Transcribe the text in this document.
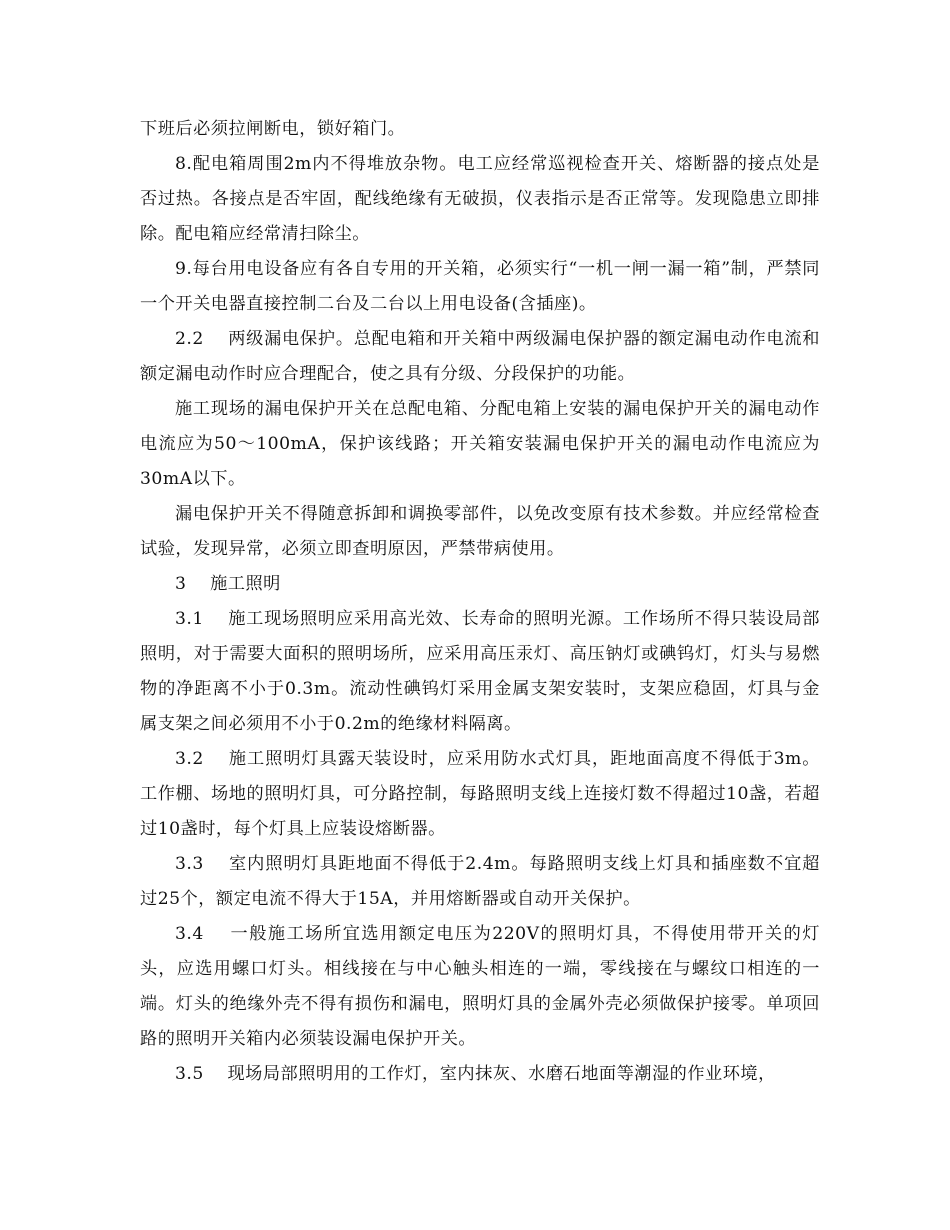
下班后必须拉闸断电，锁好箱门。

8.配电箱周围2m内不得堆放杂物。电工应经常巡视检查开关、熔断器的接点处是否过热。各接点是否牢固，配线绝缘有无破损，仪表指示是否正常等。发现隐患立即排除。配电箱应经常清扫除尘。

9.每台用电设备应有各自专用的开关箱，必须实行“一机一闸一漏一箱”制，严禁同一个开关电器直接控制二台及二台以上用电设备(含插座)。

2.2　 两级漏电保护。总配电箱和开关箱中两级漏电保护器的额定漏电动作电流和额定漏电动作时应合理配合，使之具有分级、分段保护的功能。

施工现场的漏电保护开关在总配电箱、分配电箱上安装的漏电保护开关的漏电动作电流应为50～100mA，保护该线路；开关箱安装漏电保护开关的漏电动作电流应为30mA以下。

漏电保护开关不得随意拆卸和调换零部件，以免改变原有技术参数。并应经常检查试验，发现异常，必须立即查明原因，严禁带病使用。

3　 施工照明

3.1　 施工现场照明应采用高光效、长寿命的照明光源。工作场所不得只装设局部照明，对于需要大面积的照明场所，应采用高压汞灯、高压钠灯或碘钨灯，灯头与易燃物的净距离不小于0.3m。流动性碘钨灯采用金属支架安装时，支架应稳固，灯具与金属支架之间必须用不小于0.2m的绝缘材料隔离。

3.2　 施工照明灯具露天装设时，应采用防水式灯具，距地面高度不得低于3m。工作棚、场地的照明灯具，可分路控制，每路照明支线上连接灯数不得超过10盏，若超过10盏时，每个灯具上应装设熔断器。

3.3　 室内照明灯具距地面不得低于2.4m。每路照明支线上灯具和插座数不宜超过25个，额定电流不得大于15A，并用熔断器或自动开关保护。

3.4　 一般施工场所宜选用额定电压为220V的照明灯具，不得使用带开关的灯头，应选用螺口灯头。相线接在与中心触头相连的一端，零线接在与螺纹口相连的一端。灯头的绝缘外壳不得有损伤和漏电，照明灯具的金属外壳必须做保护接零。单项回路的照明开关箱内必须装设漏电保护开关。

3.5　 现场局部照明用的工作灯，室内抹灰、水磨石地面等潮湿的作业环境，
